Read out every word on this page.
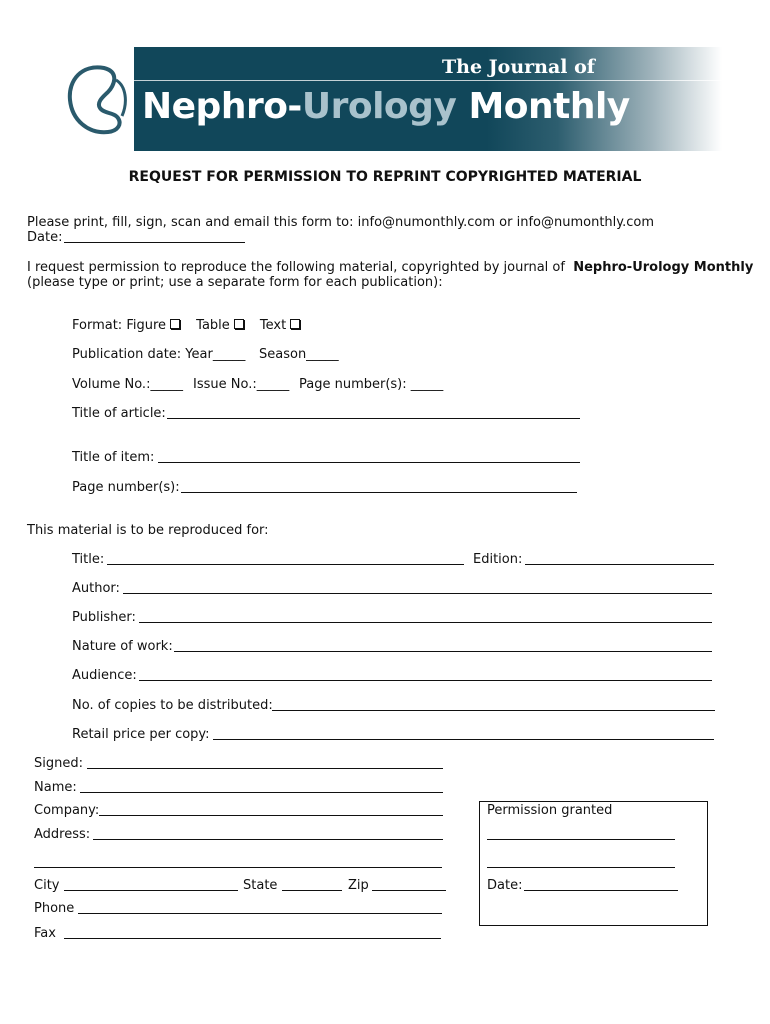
The Journal of
Nephro-Urology Monthly
REQUEST FOR PERMISSION TO REPRINT COPYRIGHTED MATERIAL
Please print, fill, sign, scan and email this form to: info@numonthly.com or info@numonthly.com
Date:
I request permission to reproduce the following material, copyrighted by journal of Nephro-Urology Monthly
(please type or print; use a separate form for each publication):
Format: Figure Table Text
Publication date: Year_____ Season_____
Volume No.:_____ Issue No.:_____ Page number(s): _____
Title of article:
Title of item:
Page number(s):
This material is to be reproduced for:
Title:	Edition:
Author:
Publisher:
Nature of work:
Audience:
No. of copies to be distributed:
Retail price per copy:
Signed:
Name:
Company:
Address:
City	State	Zip
Phone
Fax
Permission granted
Date:
